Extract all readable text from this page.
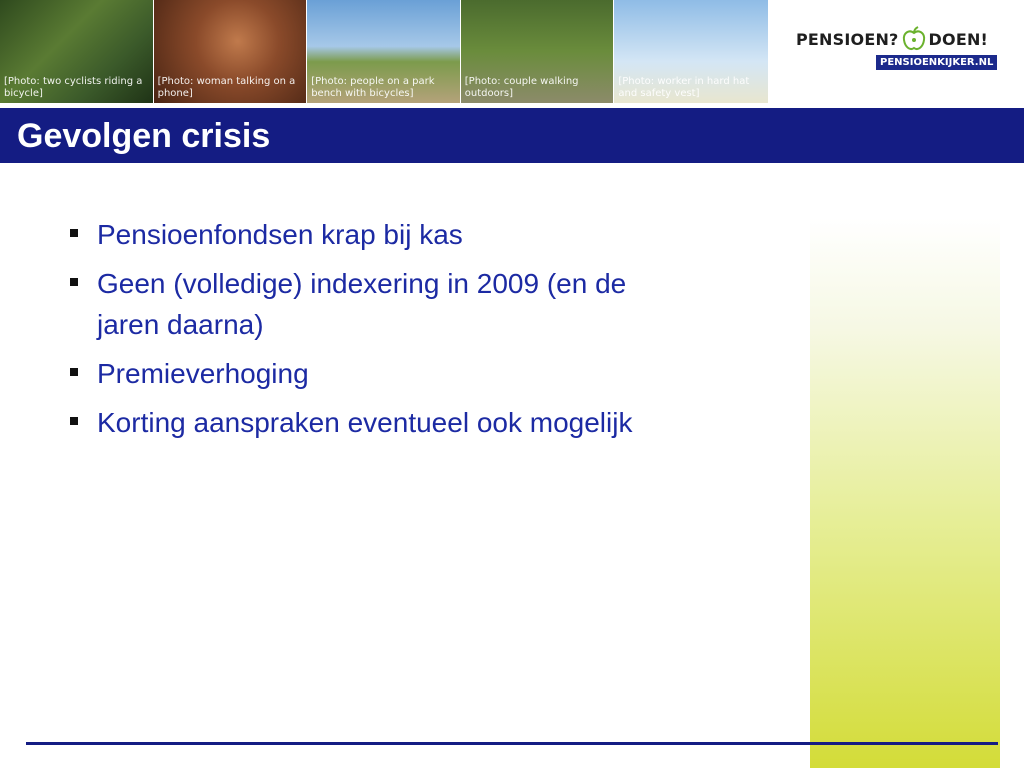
[Photo: two cyclists riding a bicycle]
[Photo: woman talking on a phone]
[Photo: people on a park bench with bicycles]
[Photo: couple walking outdoors]
[Photo: worker in hard hat and safety vest]
PENSIOEN? DOEN!
PENSIOENKIJKER.NL
Gevolgen crisis
Pensioenfondsen krap bij kas
Geen (volledige) indexering in 2009 (en de jaren daarna)
Premieverhoging
Korting aanspraken eventueel ook mogelijk
